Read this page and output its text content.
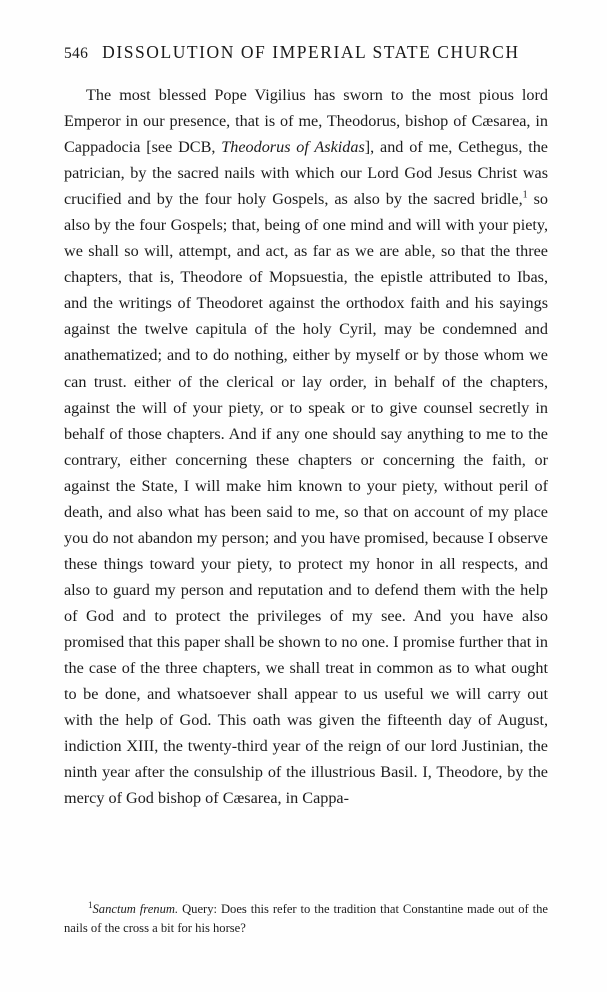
546 DISSOLUTION OF IMPERIAL STATE CHURCH

The most blessed Pope Vigilius has sworn to the most pious lord Emperor in our presence, that is of me, Theodorus, bishop of Cæsarea, in Cappadocia [see DCB, Theodorus of Askidas], and of me, Cethegus, the patrician, by the sacred nails with which our Lord God Jesus Christ was crucified and by the four holy Gospels, as also by the sacred bridle,$^1$ so also by the four Gospels; that, being of one mind and will with your piety, we shall so will, attempt, and act, as far as we are able, so that the three chapters, that is, Theodore of Mopsuestia, the epistle attributed to Ibas, and the writings of Theodoret against the orthodox faith and his sayings against the twelve capitula of the holy Cyril, may be condemned and anathematized; and to do nothing, either by myself or by those whom we can trust. either of the clerical or lay order, in behalf of the chapters, against the will of your piety, or to speak or to give counsel secretly in behalf of those chapters. And if any one should say anything to me to the contrary, either concerning these chapters or concerning the faith, or against the State, I will make him known to your piety, without peril of death, and also what has been said to me, so that on account of my place you do not abandon my person; and you have promised, because I observe these things toward your piety, to protect my honor in all respects, and also to guard my person and reputation and to defend them with the help of God and to protect the privileges of my see. And you have also promised that this paper shall be shown to no one. I promise further that in the case of the three chapters, we shall treat in common as to what ought to be done, and whatsoever shall appear to us useful we will carry out with the help of God. This oath was given the fifteenth day of August, indiction XIII, the twenty-third year of the reign of our lord Justinian, the ninth year after the consulship of the illustrious Basil. I, Theodore, by the mercy of God bishop of Cæsarea, in Cappa-

$^1$Sanctum frenum. Query: Does this refer to the tradition that Constantine made out of the nails of the cross a bit for his horse?
